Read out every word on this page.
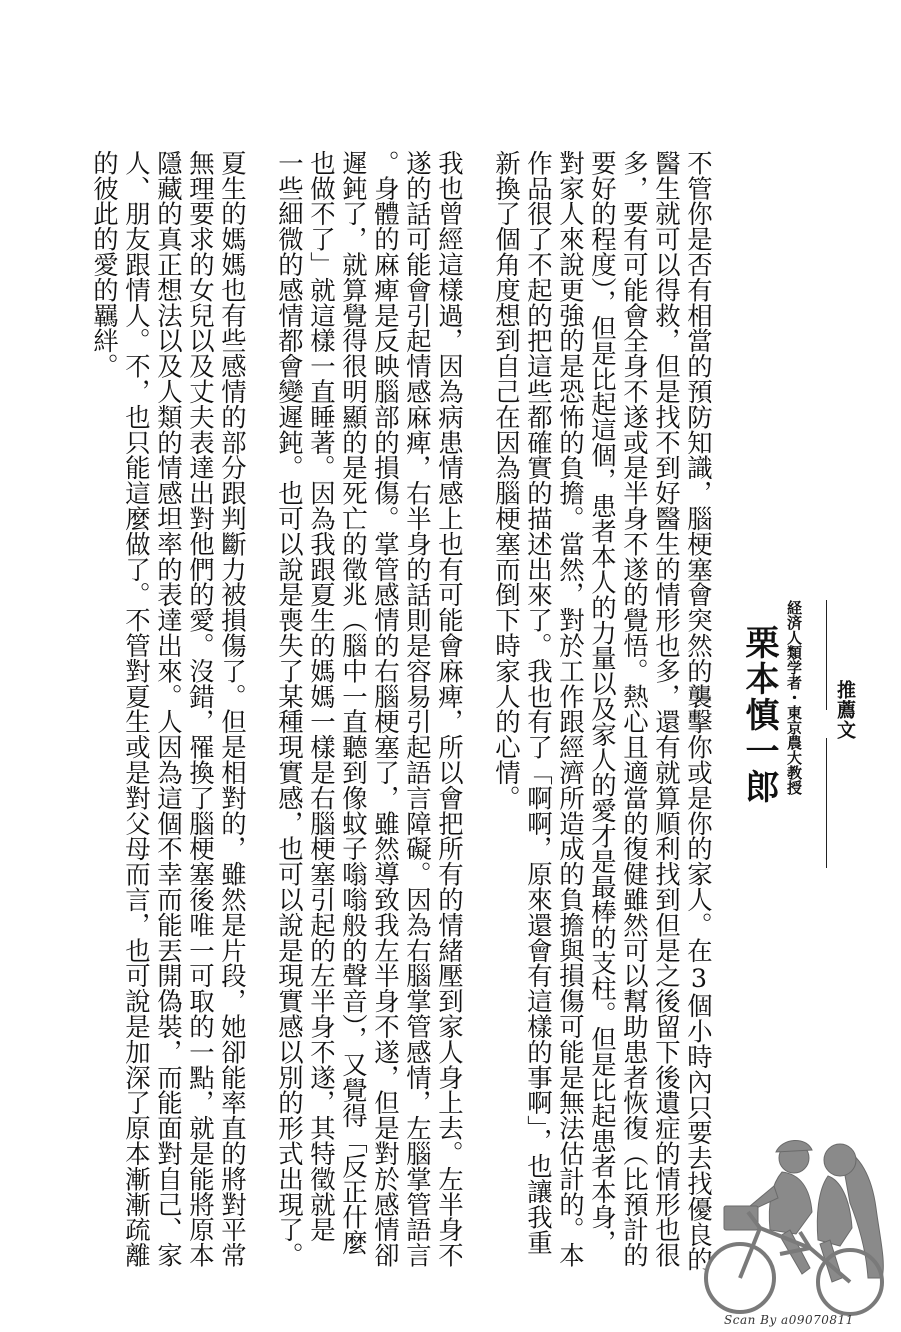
推薦文
経済人類学者・東京農大教授
栗本慎一郎
不管你是否有相當的預防知識，腦梗塞會突然的襲擊你或是你的家人。在3個小時內只要去找優良的
醫生就可以得救，但是找不到好醫生的情形也多，還有就算順利找到但是之後留下後遺症的情形也很
多，要有可能會全身不遂或是半身不遂的覺悟。熱心且適當的復健雖然可以幫助患者恢復（比預計的
要好的程度），但是比起這個，患者本人的力量以及家人的愛才是最棒的支柱。但是比起患者本身，
對家人來說更強的是恐怖的負擔。當然，對於工作跟經濟所造成的負擔與損傷可能是無法估計的。本
作品很了不起的把這些都確實的描述出來了。我也有了「啊啊，原來還會有這樣的事啊」，也讓我重
新換了個角度想到自己在因為腦梗塞而倒下時家人的心情。
我也曾經這樣過，因為病患情感上也有可能會麻痺，所以會把所有的情緒壓到家人身上去。左半身不
遂的話可能會引起情感麻痺，右半身的話則是容易引起語言障礙。因為右腦掌管感情，左腦掌管語言
。身體的麻痺是反映腦部的損傷。掌管感情的右腦梗塞了，雖然導致我左半身不遂，但是對於感情卻
遲鈍了，就算覺得很明顯的是死亡的徵兆（腦中一直聽到像蚊子嗡嗡般的聲音），又覺得「反正什麼
也做不了」就這樣一直睡著。因為我跟夏生的媽媽一樣是右腦梗塞引起的左半身不遂，其特徵就是
一些細微的感情都會變遲鈍。也可以說是喪失了某種現實感，也可以說是現實感以別的形式出現了。
夏生的媽媽也有些感情的部分跟判斷力被損傷了。但是相對的，雖然是片段，她卻能率直的將對平常
無理要求的女兒以及丈夫表達出對他們的愛。沒錯，罹換了腦梗塞後唯一可取的一點，就是能將原本
隱藏的真正想法以及人類的情感坦率的表達出來。人因為這個不幸而能丟開偽裝，而能面對自己、家
人、朋友跟情人。不，也只能這麼做了。不管對夏生或是對父母而言，也可說是加深了原本漸漸疏離
的彼此的愛的羈絆。
Scan By a09070811
